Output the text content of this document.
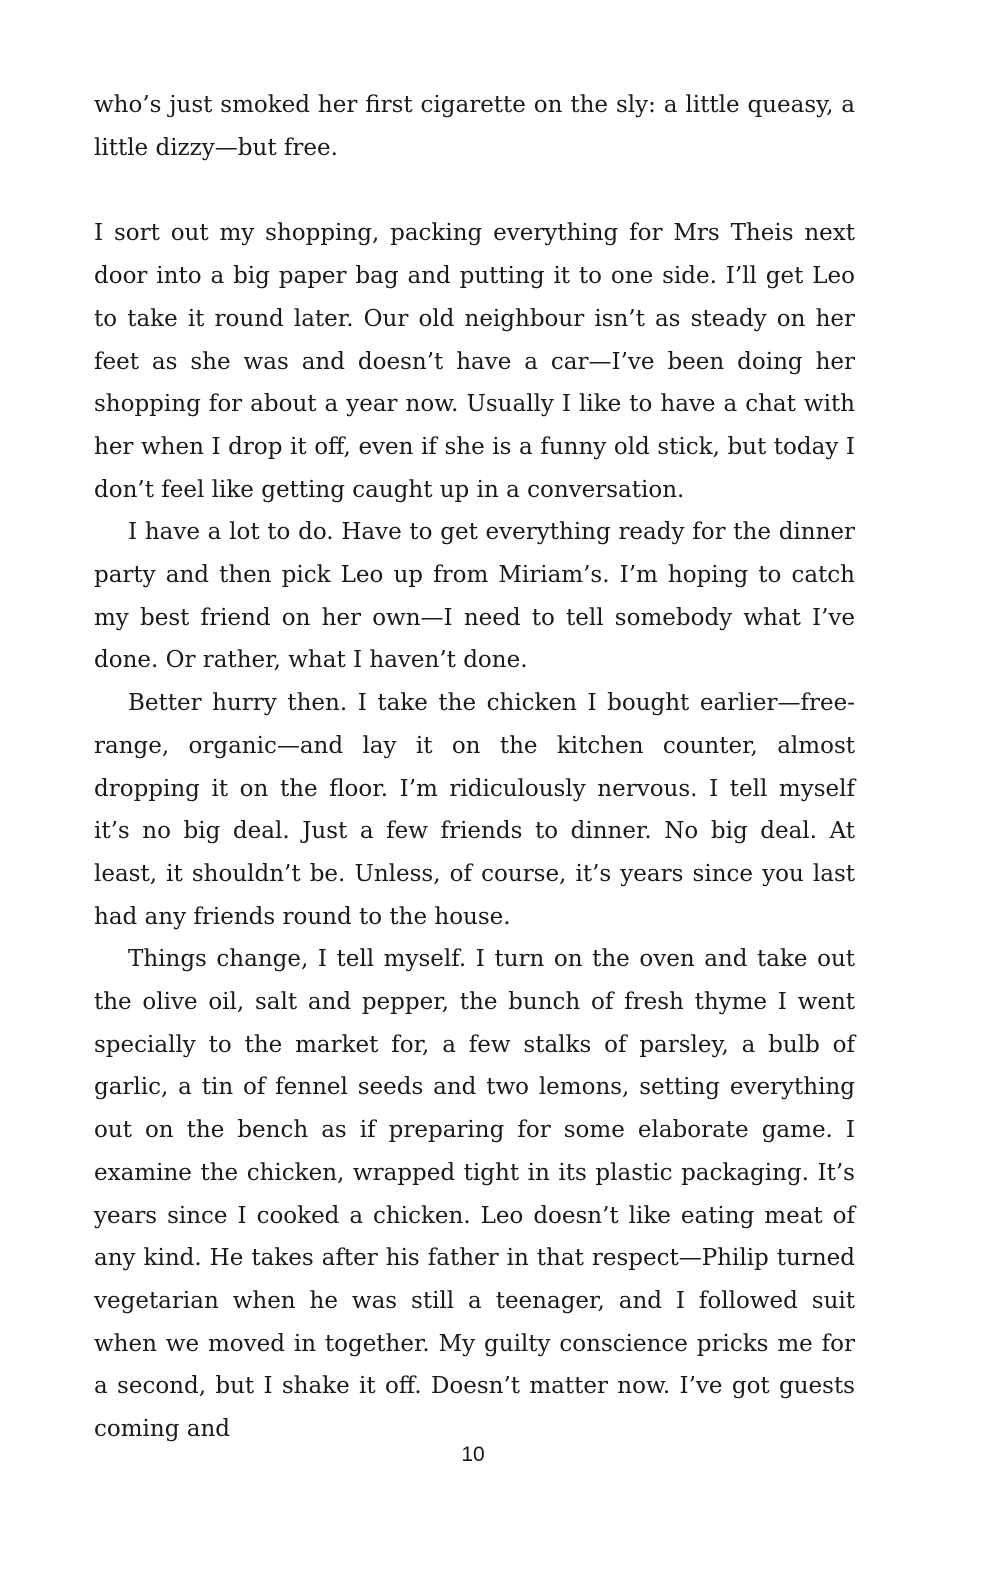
who’s just smoked her first cigarette on the sly: a little queasy, a little dizzy—but free.

I sort out my shopping, packing everything for Mrs Theis next door into a big paper bag and putting it to one side. I’ll get Leo to take it round later. Our old neighbour isn’t as steady on her feet as she was and doesn’t have a car—I’ve been doing her shopping for about a year now. Usually I like to have a chat with her when I drop it off, even if she is a funny old stick, but today I don’t feel like getting caught up in a conversation.

I have a lot to do. Have to get everything ready for the dinner party and then pick Leo up from Miriam’s. I’m hoping to catch my best friend on her own—I need to tell somebody what I’ve done. Or rather, what I haven’t done.

Better hurry then. I take the chicken I bought earlier—free-range, organic—and lay it on the kitchen counter, almost dropping it on the floor. I’m ridiculously nervous. I tell myself it’s no big deal. Just a few friends to dinner. No big deal. At least, it shouldn’t be. Unless, of course, it’s years since you last had any friends round to the house.

Things change, I tell myself. I turn on the oven and take out the olive oil, salt and pepper, the bunch of fresh thyme I went specially to the market for, a few stalks of parsley, a bulb of garlic, a tin of fennel seeds and two lemons, setting everything out on the bench as if preparing for some elaborate game. I examine the chicken, wrapped tight in its plastic packaging. It’s years since I cooked a chicken. Leo doesn’t like eating meat of any kind. He takes after his father in that respect—Philip turned vegetarian when he was still a teenager, and I followed suit when we moved in together. My guilty conscience pricks me for a second, but I shake it off. Doesn’t matter now. I’ve got guests coming and

10
